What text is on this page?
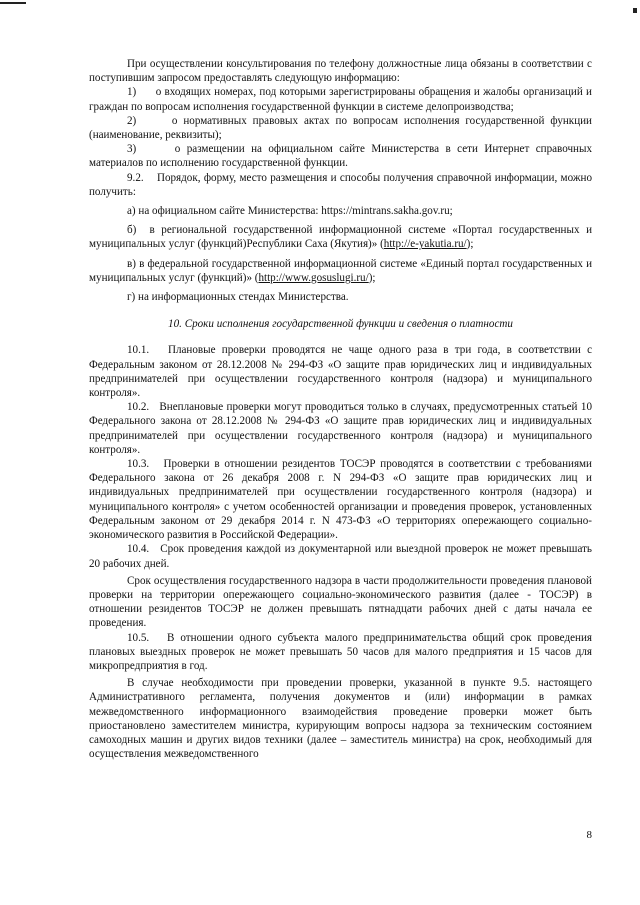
При осуществлении консультирования по телефону должностные лица обязаны в соответствии с поступившим запросом предоставлять следующую информацию:

1)      о входящих номерах, под которыми зарегистрированы обращения и жалобы организаций и граждан по вопросам исполнения государственной функции в системе делопроизводства;

2)      о нормативных правовых актах по вопросам исполнения государственной функции (наименование, реквизиты);

3)      о размещении на официальном сайте Министерства в сети Интернет справочных материалов по исполнению государственной функции.

9.2.    Порядок, форму, место размещения и способы получения справочной информации, можно получить:

а) на официальном сайте Министерства: https://mintrans.sakha.gov.ru;

б)  в региональной государственной информационной системе «Портал государственных и муниципальных услуг (функций)Республики Саха (Якутия)» (http://e-yakutia.ru/);

в) в федеральной государственной информационной системе «Единый портал государственных и муниципальных услуг (функций)» (http://www.gosuslugi.ru/);

г) на информационных стендах Министерства.

10. Сроки исполнения государственной функции и сведения о платности

10.1.   Плановые проверки проводятся не чаще одного раза в три года, в соответствии с Федеральным законом от 28.12.2008 № 294-ФЗ «О защите прав юридических лиц и индивидуальных предпринимателей при осуществлении государственного контроля (надзора) и муниципального контроля».

10.2.   Внеплановые проверки могут проводиться только в случаях, предусмотренных статьей 10 Федерального закона от 28.12.2008 № 294-ФЗ «О защите прав юридических лиц и индивидуальных предпринимателей при осуществлении государственного контроля (надзора) и муниципального контроля».

10.3.   Проверки в отношении резидентов ТОСЭР проводятся в соответствии с требованиями Федерального закона от 26 декабря 2008 г. N 294-ФЗ «О защите прав юридических лиц и индивидуальных предпринимателей при осуществлении государственного контроля (надзора) и муниципального контроля» с учетом особенностей организации и проведения проверок, установленных Федеральным законом от 29 декабря 2014 г. N 473-ФЗ «О территориях опережающего социально-экономического развития в Российской Федерации».

10.4.   Срок проведения каждой из документарной или выездной проверок не может превышать 20 рабочих дней.

Срок осуществления государственного надзора в части продолжительности проведения плановой проверки на территории опережающего социально-экономического развития (далее - ТОСЭР) в отношении резидентов ТОСЭР не должен превышать пятнадцати рабочих дней с даты начала ее проведения.

10.5.   В отношении одного субъекта малого предпринимательства общий срок проведения плановых выездных проверок не может превышать 50 часов для малого предприятия и 15 часов для микропредприятия в год.

В случае необходимости при проведении проверки, указанной в пункте 9.5. настоящего Административного регламента, получения документов и (или) информации в рамках межведомственного информационного взаимодействия проведение проверки может быть приостановлено заместителем министра, курирующим вопросы надзора за техническим состоянием самоходных машин и других видов техники (далее – заместитель министра) на срок, необходимый для осуществления межведомственного

8
